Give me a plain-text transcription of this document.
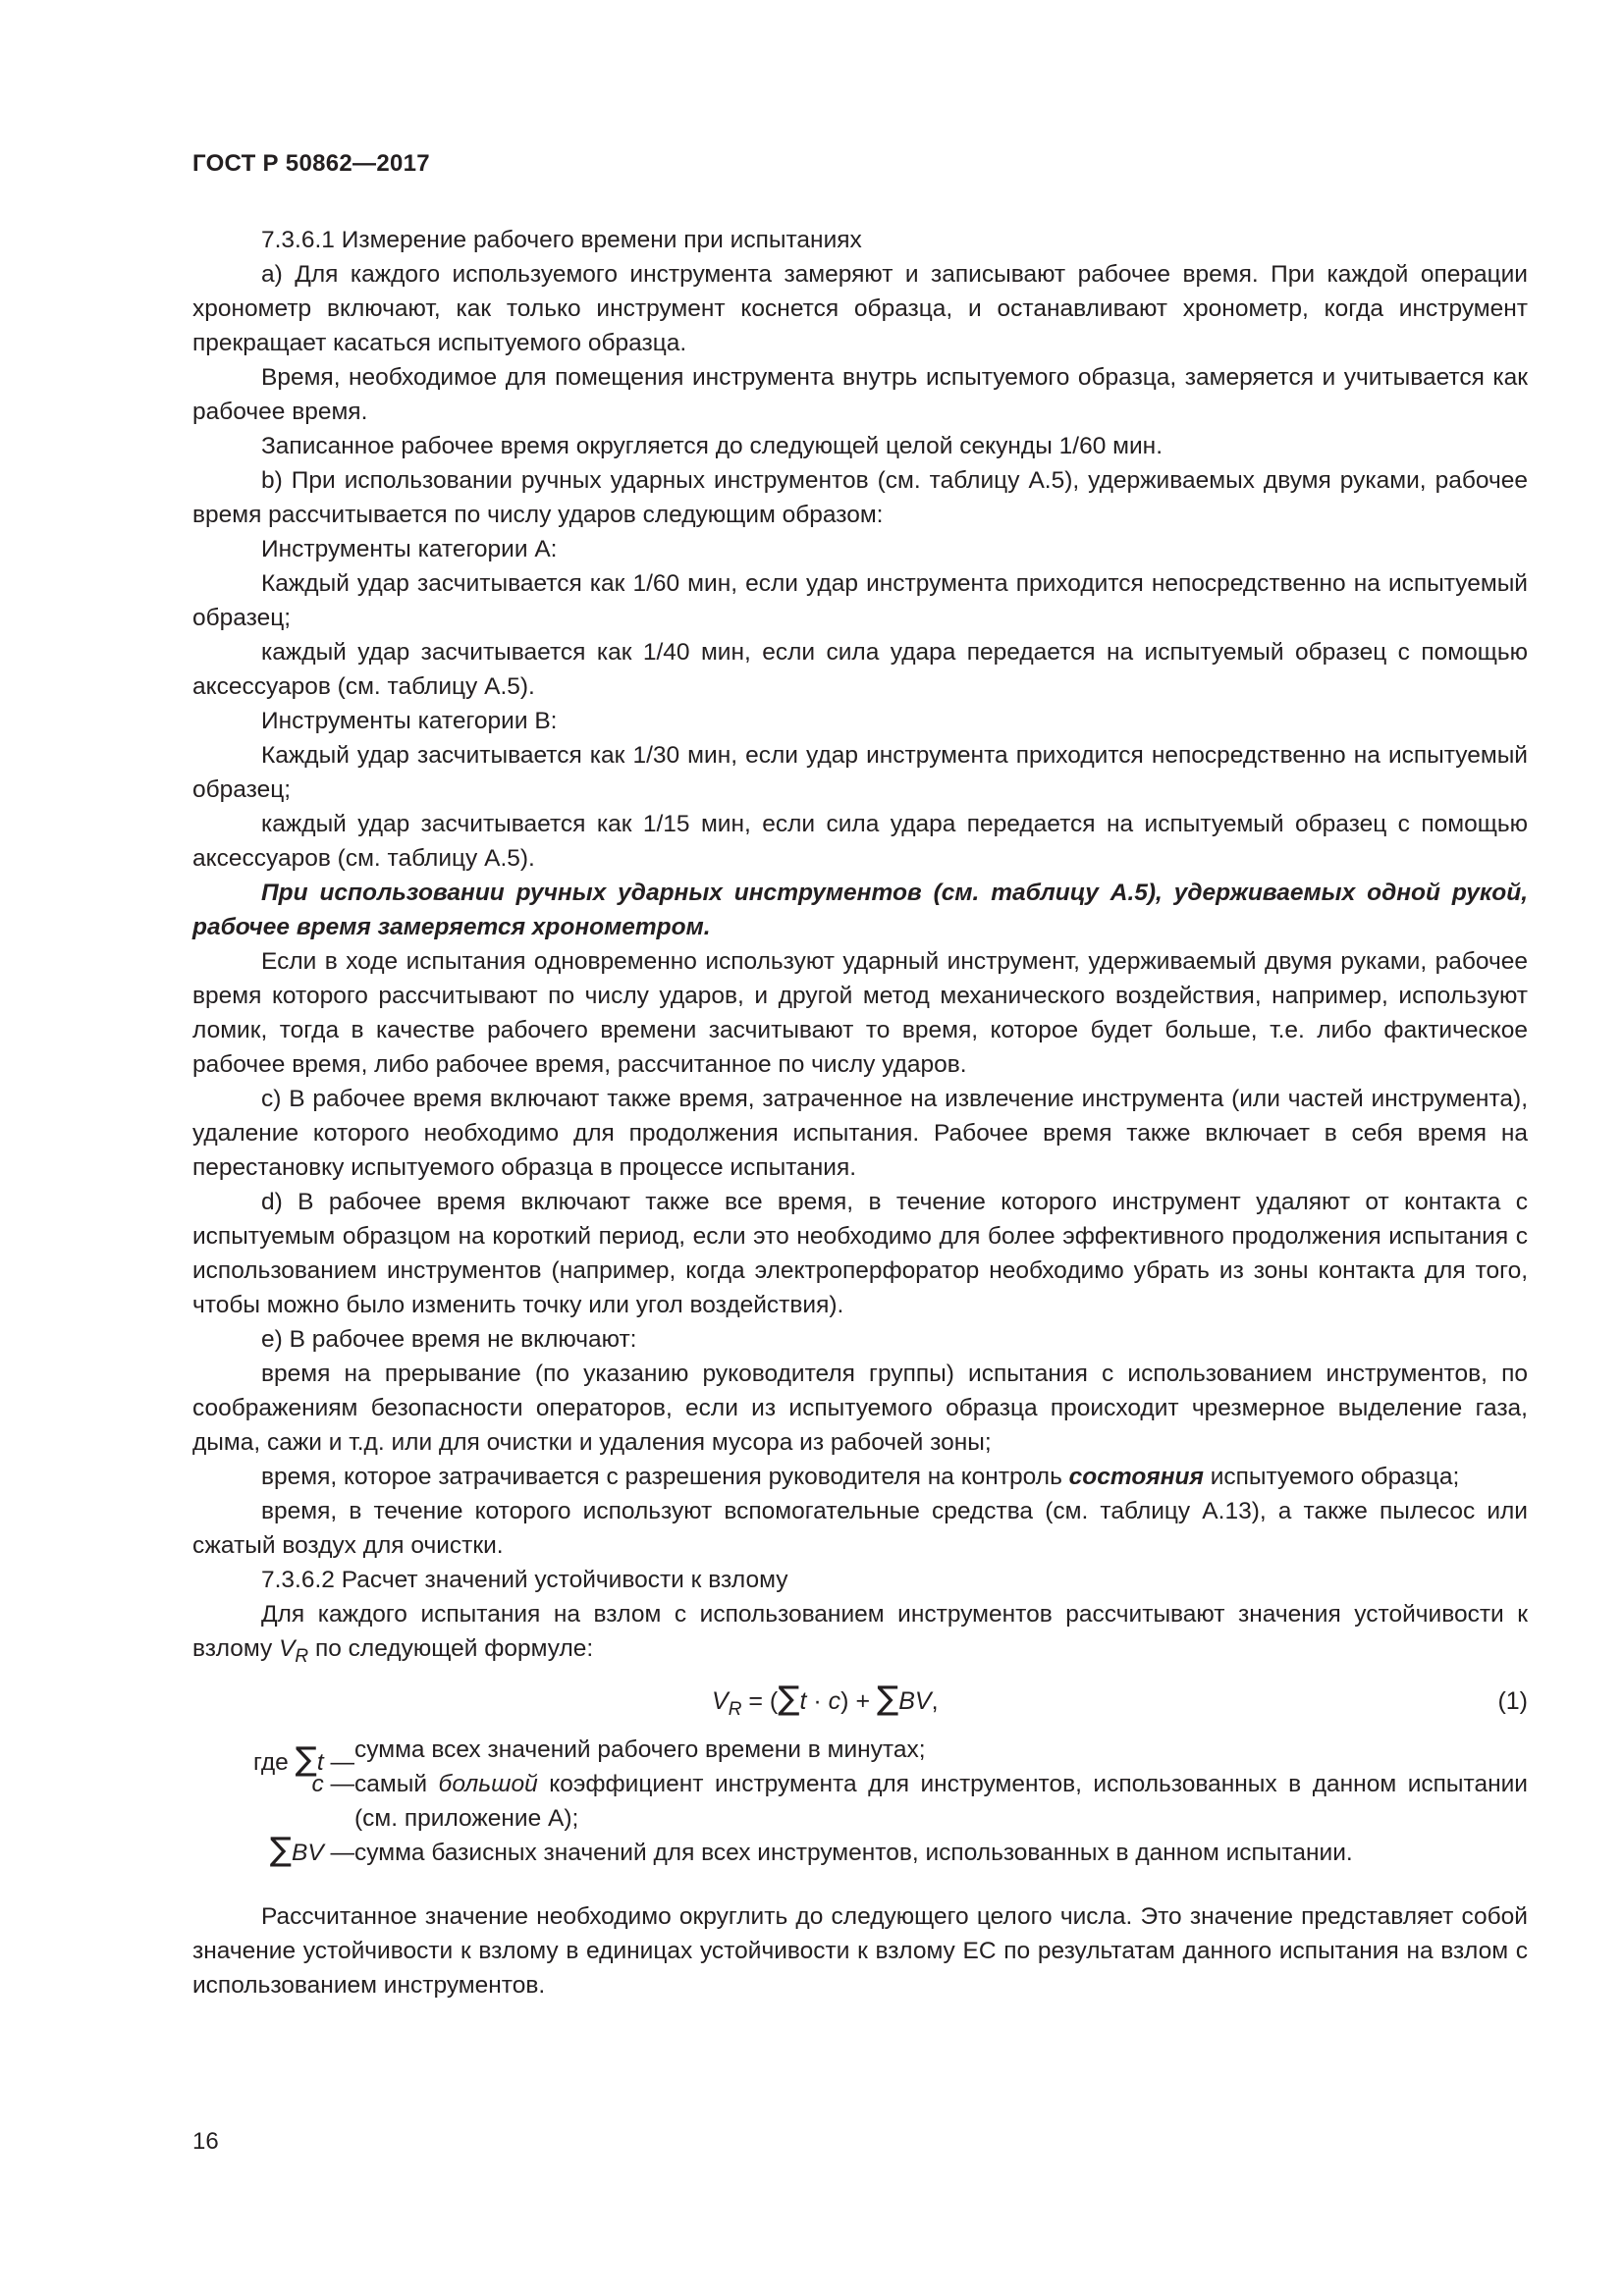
ГОСТ Р 50862—2017

7.3.6.1 Измерение рабочего времени при испытаниях

a) Для каждого используемого инструмента замеряют и записывают рабочее время. При каждой операции хронометр включают, как только инструмент коснется образца, и останавливают хронометр, когда инструмент прекращает касаться испытуемого образца.

Время, необходимое для помещения инструмента внутрь испытуемого образца, замеряется и учитывается как рабочее время.

Записанное рабочее время округляется до следующей целой секунды 1/60 мин.

b) При использовании ручных ударных инструментов (см. таблицу А.5), удерживаемых двумя руками, рабочее время рассчитывается по числу ударов следующим образом:

Инструменты категории А:

Каждый удар засчитывается как 1/60 мин, если удар инструмента приходится непосредственно на испытуемый образец;

каждый удар засчитывается как 1/40 мин, если сила удара передается на испытуемый образец с помощью аксессуаров (см. таблицу А.5).

Инструменты категории В:

Каждый удар засчитывается как 1/30 мин, если удар инструмента приходится непосредственно на испытуемый образец;

каждый удар засчитывается как 1/15 мин, если сила удара передается на испытуемый образец с помощью аксессуаров (см. таблицу А.5).

При использовании ручных ударных инструментов (см. таблицу А.5), удерживаемых одной рукой, рабочее время замеряется хронометром.

Если в ходе испытания одновременно используют ударный инструмент, удерживаемый двумя руками, рабочее время которого рассчитывают по числу ударов, и другой метод механического воздействия, например, используют ломик, тогда в качестве рабочего времени засчитывают то время, которое будет больше, т.е. либо фактическое рабочее время, либо рабочее время, рассчитанное по числу ударов.

c) В рабочее время включают также время, затраченное на извлечение инструмента (или частей инструмента), удаление которого необходимо для продолжения испытания. Рабочее время также включает в себя время на перестановку испытуемого образца в процессе испытания.

d) В рабочее время включают также все время, в течение которого инструмент удаляют от контакта с испытуемым образцом на короткий период, если это необходимо для более эффективного продолжения испытания с использованием инструментов (например, когда электроперфоратор необходимо убрать из зоны контакта для того, чтобы можно было изменить точку или угол воздействия).

e) В рабочее время не включают:

время на прерывание (по указанию руководителя группы) испытания с использованием инструментов, по соображениям безопасности операторов, если из испытуемого образца происходит чрезмерное выделение газа, дыма, сажи и т.д. или для очистки и удаления мусора из рабочей зоны;

время, которое затрачивается с разрешения руководителя на контроль состояния испытуемого образца;

время, в течение которого используют вспомогательные средства (см. таблицу А.13), а также пылесос или сжатый воздух для очистки.

7.3.6.2 Расчет значений устойчивости к взлому

Для каждого испытания на взлом с использованием инструментов рассчитывают значения устойчивости к взлому $V_R$ по следующей формуле:

$V_R = (\sum t \cdot c) + \sum BV$,	(1)
где ∑t — сумма всех значений рабочего времени в минутах;
c — самый большой коэффициент инструмента для инструментов, использованных в данном испытании (см. приложение А);
∑BV — сумма базисных значений для всех инструментов, использованных в данном испытании.

Рассчитанное значение необходимо округлить до следующего целого числа. Это значение представляет собой значение устойчивости к взлому в единицах устойчивости к взлому ЕС по результатам данного испытания на взлом с использованием инструментов.

16
